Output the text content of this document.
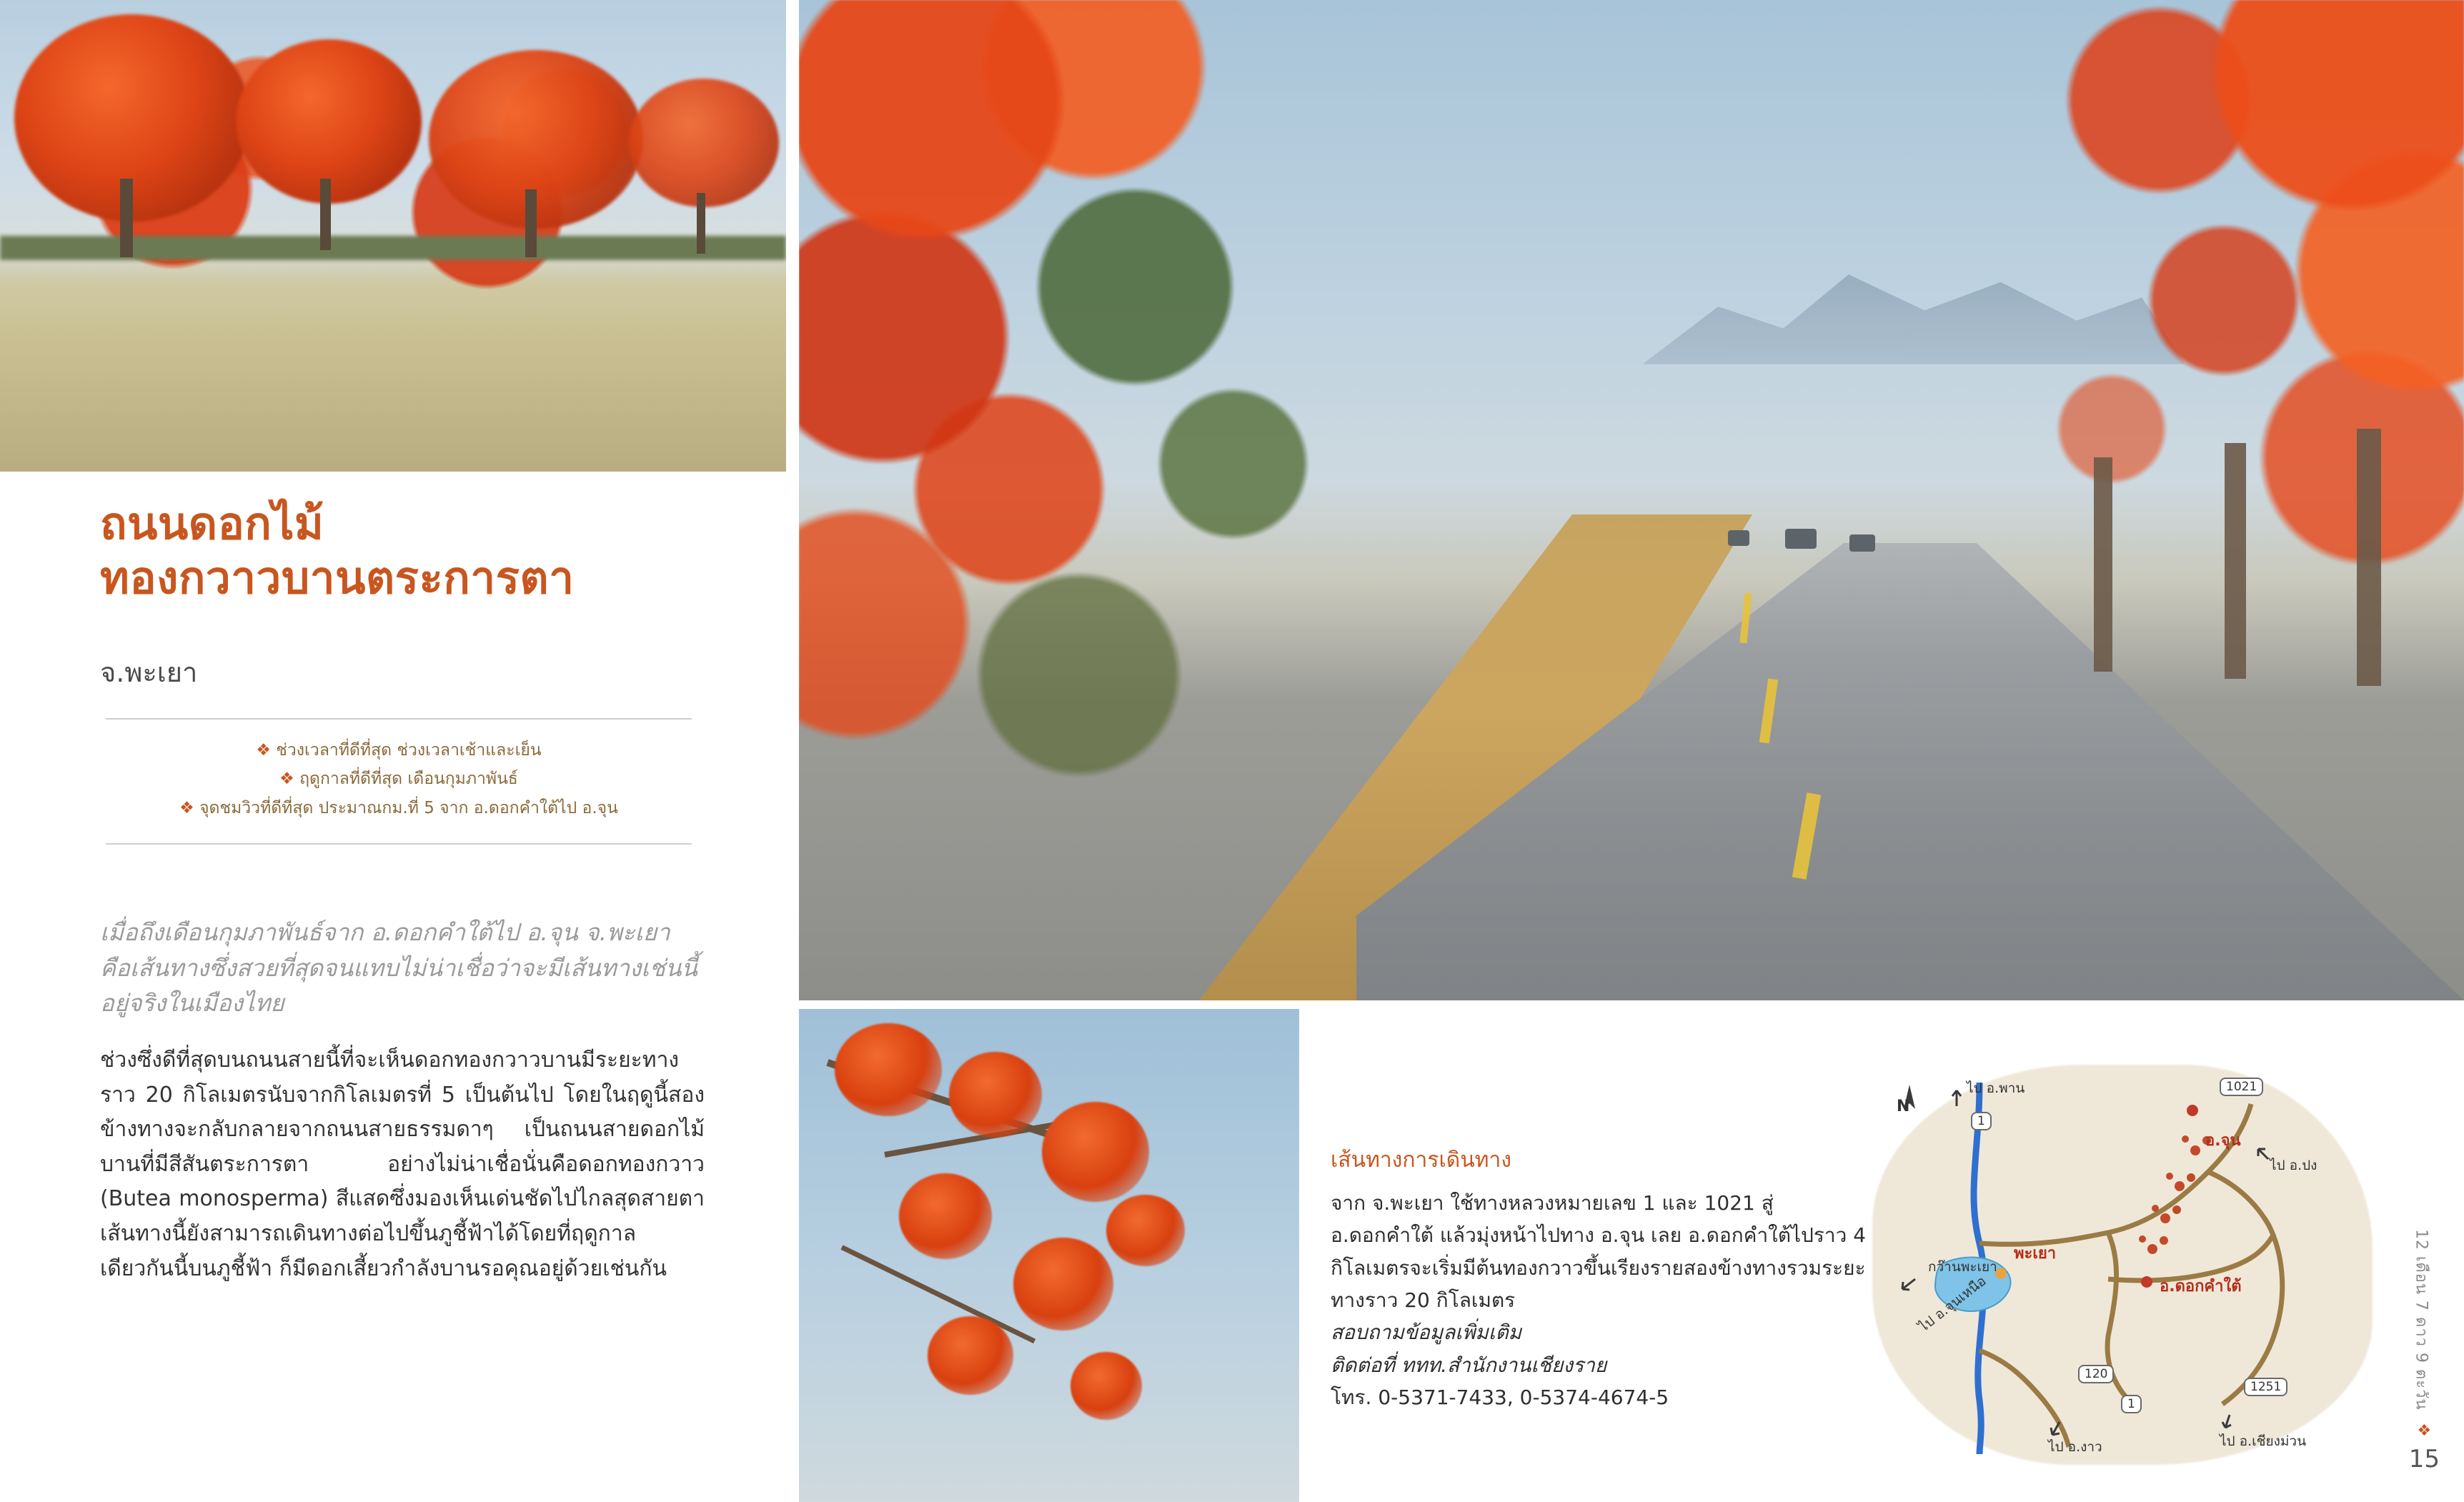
ถนนดอกไม้
ทองกวาวบานตระการตา
จ.พะเยา
❖ ช่วงเวลาที่ดีที่สุด ช่วงเวลาเช้าและเย็น
❖ ฤดูกาลที่ดีที่สุด เดือนกุมภาพันธ์
❖ จุดชมวิวที่ดีที่สุด ประมาณกม.ที่ 5 จาก อ.ดอกคำใต้ไป อ.จุน
เมื่อถึงเดือนกุมภาพันธ์จาก อ.ดอกคำใต้ไป อ.จุน จ.พะเยา คือเส้นทางซึ่งสวยที่สุดจนแทบไม่น่าเชื่อว่าจะมีเส้นทางเช่นนี้อยู่จริงในเมืองไทย
ช่วงซึ่งดีที่สุดบนถนนสายนี้ที่จะเห็นดอกทองกวาวบานมีระยะทางราว 20 กิโลเมตรนับจากกิโลเมตรที่ 5 เป็นต้นไป โดยในฤดูนี้สองข้างทางจะกลับกลายจากถนนสายธรรมดาๆ เป็นถนนสายดอกไม้บานที่มีสีสันตระการตา อย่างไม่น่าเชื่อนั่นคือดอกทองกวาว (Butea monosperma) สีแสดซึ่งมองเห็นเด่นชัดไปไกลสุดสายตา เส้นทางนี้ยังสามารถเดินทางต่อไปขึ้นภูชี้ฟ้าได้โดยที่ฤดูกาลเดียวกันนี้บนภูชี้ฟ้า ก็มีดอกเสี้ยวกำลังบานรอคุณอยู่ด้วยเช่นกัน
เส้นทางการเดินทาง
จาก จ.พะเยา ใช้ทางหลวงหมายเลข 1 และ 1021 สู่ อ.ดอกคำใต้ แล้วมุ่งหน้าไปทาง อ.จุน เลย อ.ดอกคำใต้ไปราว 4 กิโลเมตรจะเริ่มมีต้นทองกวาวขึ้นเรียงรายสองข้างทางรวมระยะทางราว 20 กิโลเมตร
สอบถามข้อมูลเพิ่มเติม
ติดต่อที่ ททท.สำนักงานเชียงราย
โทร. 0-5371-7433, 0-5374-4674-5
N
ไป อ.พาน
ไป อ.ปง
ไป อ.จุนเหนือ
ไป อ.งาว	ไป อ.เชียงม่วน
พะเยา
กว๊านพะเยา
อ.จุน
อ.ดอกคำใต้
1
1021
120
1
1251	12 เดือน 7 ดาว 9 ตะวัน
❖
15
